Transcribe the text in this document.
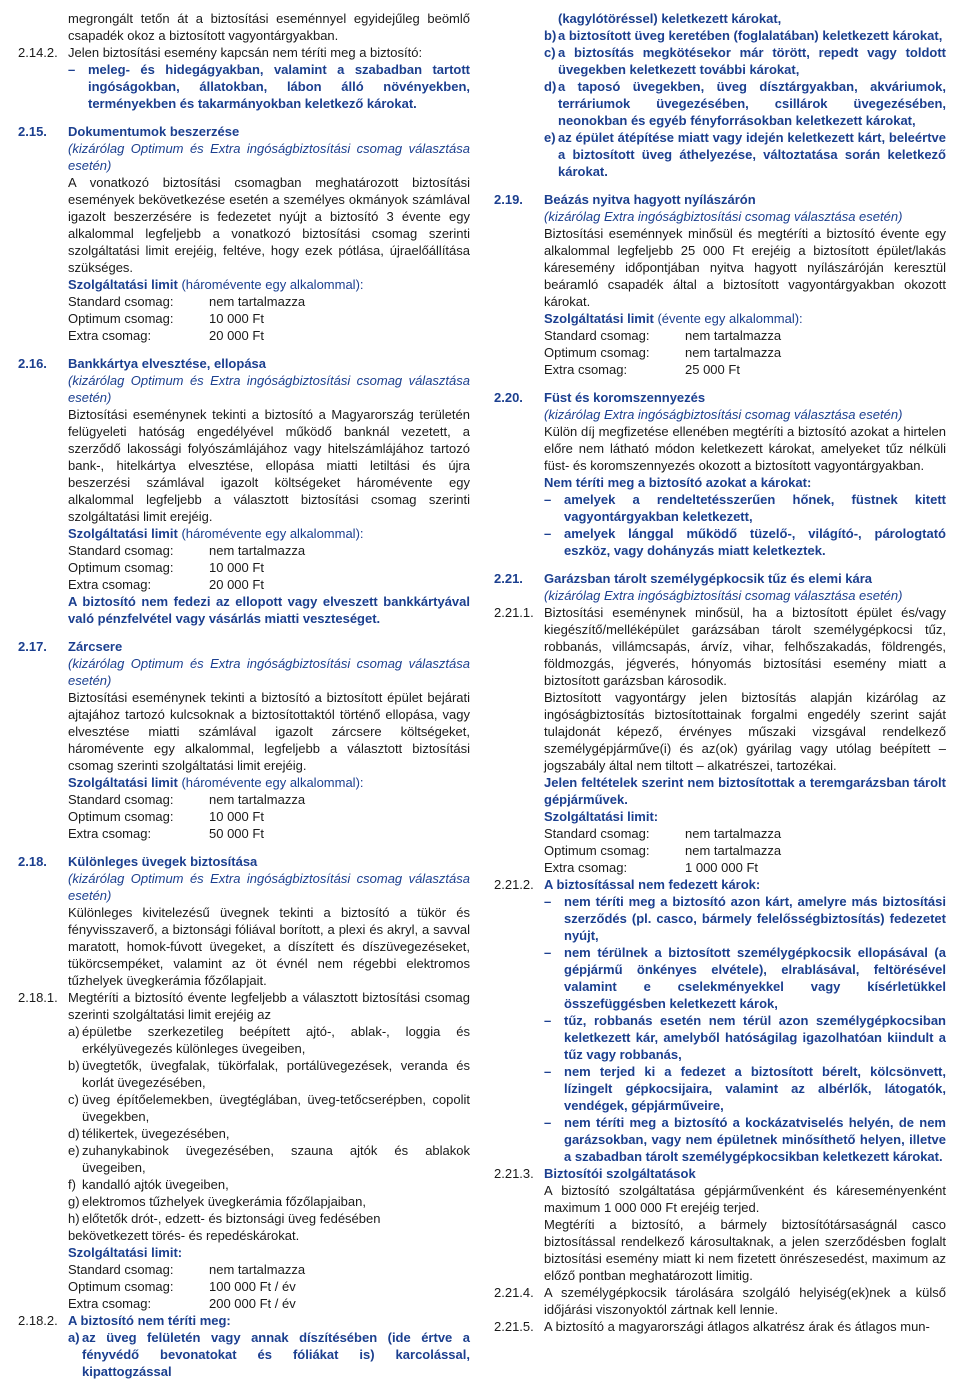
megrongált tetőn át a biztosítási eseménnyel egyidejűleg beömlő csapadék okoz a biztosított vagyontárgyakban.

2.14.2. Jelen biztosítási esemény kapcsán nem téríti meg a biztosító:
– meleg- és hidegágyakban, valamint a szabadban tartott ingóságokban, állatokban, lábon álló növényekben, terményekben és takarmányokban keletkező károkat.
2.15.	Dokumentumok beszerzése

(kizárólag Optimum és Extra ingóságbiztosítási csomag választása esetén)

A vonatkozó biztosítási csomagban meghatározott biztosítási események bekövetkezése esetén a személyes okmányok számlával igazolt beszerzésére is fedezetet nyújt a biztosító 3 évente egy alkalommal legfeljebb a vonatkozó biztosítási csomag szerinti szolgáltatási limit erejéig, feltéve, hogy ezek pótlása, újraelőállítása szükséges.

Szolgáltatási limit (háromévente egy alkalommal):

Standard csomag:	nem tartalmazza
Optimum csomag:	10 000 Ft
Extra csomag:	20 000 Ft
2.16.	Bankkártya elvesztése, ellopása

(kizárólag Optimum és Extra ingóságbiztosítási csomag választása esetén)

Biztosítási eseménynek tekinti a biztosító a Magyarország területén felügyeleti hatóság engedélyével működő banknál vezetett, a szerződő lakossági folyószámlájához vagy hitelszámlájához tartozó bank-, hitelkártya elvesztése, ellopása miatti letiltási és újra beszerzési számlával igazolt költségeket háromévente egy alkalommal legfeljebb a választott biztosítási csomag szerinti szolgáltatási limit erejéig.

Szolgáltatási limit (háromévente egy alkalommal):

Standard csomag:	nem tartalmazza
Optimum csomag:	10 000 Ft
Extra csomag:	20 000 Ft

A biztosító nem fedezi az ellopott vagy elveszett bankkártyával való pénzfelvétel vagy vásárlás miatti veszteséget.

2.17.	Zárcsere

(kizárólag Optimum és Extra ingóságbiztosítási csomag választása esetén)

Biztosítási eseménynek tekinti a biztosító a biztosított épület bejárati ajtajához tartozó kulcsoknak a biztosítottaktól történő ellopása, vagy elvesztése miatti számlával igazolt zárcsere költségeket, háromévente egy alkalommal, legfeljebb a választott biztosítási csomag szerinti szolgáltatási limit erejéig.

Szolgáltatási limit (háromévente egy alkalommal):

Standard csomag:	nem tartalmazza
Optimum csomag:	10 000 Ft
Extra csomag:	50 000 Ft
2.18.	Különleges üvegek biztosítása

(kizárólag Optimum és Extra ingóságbiztosítási csomag választása esetén)

Különleges kivitelezésű üvegnek tekinti a biztosító a tükör és fényvisszaverő, a biztonsági fóliával borított, a plexi és akryl, a savval maratott, homok-fúvott üvegeket, a díszített és díszüvegezéseket, tükörcsempéket, valamint az öt évnél nem régebbi elektromos tűzhelyek üvegkerámia főzőlapjait.

2.18.1. Megtéríti a biztosító évente legfeljebb a választott biztosítási csomag szerinti szolgáltatási limit erejéig az
a) épületbe szerkezetileg beépített ajtó-, ablak-, loggia és erkélyüvegezés különleges üvegeiben,
b) üvegtetők, üvegfalak, tükörfalak, portálüvegezések, veranda és korlát üvegezésében,
c) üveg építőelemekben, üvegtéglában, üveg-tetőcserépben, copolit üvegekben,
d) télikertek, üvegezésében,
e) zuhanykabinok üvegezésében, szauna ajtók és ablakok üvegeiben,
f) kandalló ajtók üvegeiben,
g) elektromos tűzhelyek üvegkerámia főzőlapjaiban,
h) előtetők drót-, edzett- és biztonsági üveg fedésében

bekövetkezett törés- és repedéskárokat.

Szolgáltatási limit:

Standard csomag:	nem tartalmazza
Optimum csomag:	100 000 Ft / év
Extra csomag:	200 000 Ft / év
2.18.2. A biztosító nem téríti meg:
a) az üveg felületén vagy annak díszítésében (ide értve a fényvédő bevonatokat és fóliákat is) karcolással, kipattogzással
(kagylótöréssel) keletkezett károkat,
b) a biztosított üveg keretében (foglalatában) keletkezett károkat,
c) a biztosítás megkötésekor már törött, repedt vagy toldott üvegekben keletkezett további károkat,
d) a taposó üvegekben, üveg dísztárgyakban, akváriumok, terráriumok üvegezésében, csillárok üvegezésében, neonokban és egyéb fényforrásokban keletkezett károkat,
e) az épület átépítése miatt vagy idején keletkezett kárt, beleértve a biztosított üveg áthelyezése, változtatása során keletkező károkat.
2.19.	Beázás nyitva hagyott nyílászárón

(kizárólag Extra ingóságbiztosítási csomag választása esetén)

Biztosítási eseménnyek minősül és megtéríti a biztosító évente egy alkalommal legfeljebb 25 000 Ft erejéig a biztosított épület/lakás káresemény időpontjában nyitva hagyott nyílászáróján keresztül beáramló csapadék által a biztosított vagyontárgyakban okozott károkat.

Szolgáltatási limit (évente egy alkalommal):

Standard csomag:	nem tartalmazza
Optimum csomag:	nem tartalmazza
Extra csomag:	25 000 Ft
2.20.	Füst és koromszennyezés

(kizárólag Extra ingóságbiztosítási csomag választása esetén)

Külön díj megfizetése ellenében megtéríti a biztosító azokat a hirtelen előre nem látható módon keletkezett károkat, amelyeket tűz nélküli füst- és koromszennyezés okozott a biztosított vagyontárgyakban.

Nem téríti meg a biztosító azokat a károkat:

– amelyek a rendeltetésszerűen hőnek, füstnek kitett vagyontárgyakban keletkezett,
– amelyek lánggal működő tüzelő-, világító-, párologtató eszköz, vagy dohányzás miatt keletkeztek.
2.21.	Garázsban tárolt személygépkocsik tűz és elemi kára

(kizárólag Extra ingóságbiztosítási csomag választása esetén)

2.21.1. Biztosítási eseménynek minősül, ha a biztosított épület és/vagy kiegészítő/melléképület garázsában tárolt személygépkocsi tűz, robbanás, villámcsapás, árvíz, vihar, felhőszakadás, földrengés, földmozgás, jégverés, hónyomás biztosítási esemény miatt a biztosított garázsban károsodik.

Biztosított vagyontárgy jelen biztosítás alapján kizárólag az ingóságbiztosítás biztosítottainak forgalmi engedély szerint saját tulajdonát képező, érvényes műszaki vizsgával rendelkező személygépjárműve(i) és az(ok) gyárilag vagy utólag beépített – jogszabály által nem tiltott – alkatrészei, tartozékai.

Jelen feltételek szerint nem biztosítottak a teremgarázsban tárolt gépjárművek.

Szolgáltatási limit:

Standard csomag:	nem tartalmazza
Optimum csomag:	nem tartalmazza
Extra csomag:	1 000 000 Ft
2.21.2. A biztosítással nem fedezett károk:
– nem téríti meg a biztosító azon kárt, amelyre más biztosítási szerződés (pl. casco, bármely felelősségbiztosítás) fedezetet nyújt,
– nem térülnek a biztosított személygépkocsik ellopásával (a gépjármű önkényes elvétele), elrablásával, feltörésével valamint e cselekményekkel vagy kísérletükkel összefüggésben keletkezett károk,
– tűz, robbanás esetén nem térül azon személygépkocsiban keletkezett kár, amelyből hatóságilag igazolhatóan kiindult a tűz vagy robbanás,
– nem terjed ki a fedezet a biztosított bérelt, kölcsönvett, lízingelt gépkocsijaira, valamint az albérlők, látogatók, vendégek, gépjárműveire,
– nem téríti meg a biztosító a kockázatviselés helyén, de nem garázsokban, vagy nem épületnek minősíthető helyen, illetve a szabadban tárolt személygépkocsikban keletkezett károkat.
2.21.3. Biztosítói szolgáltatások

A biztosító szolgáltatása gépjárművenként és káreseményenként maximum 1 000 000 Ft erejéig terjed.

Megtéríti a biztosító, a bármely biztosítótársaságnál casco biztosítással rendelkező károsultaknak, a jelen szerződésben foglalt biztosítási esemény miatt ki nem fizetett önrészesedést, maximum az előző pontban meghatározott limitig.

2.21.4. A személygépkocsik tárolására szolgáló helyiség(ek)nek a külső időjárási viszonyoktól zártnak kell lennie.
2.21.5. A biztosító a magyarországi átlagos alkatrész árak és átlagos mun-
